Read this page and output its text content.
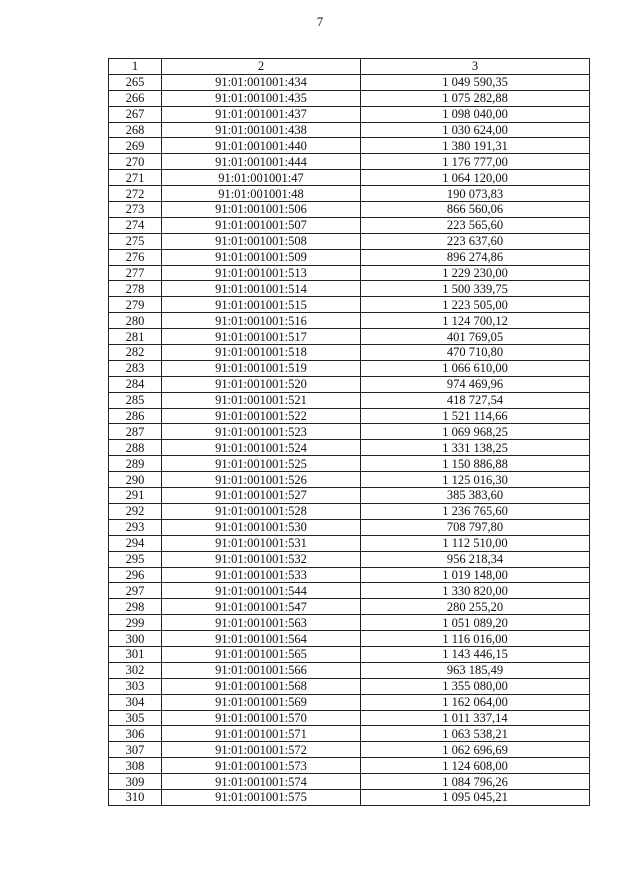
7
1	2	3
265	91:01:001001:434	1 049 590,35
266	91:01:001001:435	1 075 282,88
267	91:01:001001:437	1 098 040,00
268	91:01:001001:438	1 030 624,00
269	91:01:001001:440	1 380 191,31
270	91:01:001001:444	1 176 777,00
271	91:01:001001:47	1 064 120,00
272	91:01:001001:48	190 073,83
273	91:01:001001:506	866 560,06
274	91:01:001001:507	223 565,60
275	91:01:001001:508	223 637,60
276	91:01:001001:509	896 274,86
277	91:01:001001:513	1 229 230,00
278	91:01:001001:514	1 500 339,75
279	91:01:001001:515	1 223 505,00
280	91:01:001001:516	1 124 700,12
281	91:01:001001:517	401 769,05
282	91:01:001001:518	470 710,80
283	91:01:001001:519	1 066 610,00
284	91:01:001001:520	974 469,96
285	91:01:001001:521	418 727,54
286	91:01:001001:522	1 521 114,66
287	91:01:001001:523	1 069 968,25
288	91:01:001001:524	1 331 138,25
289	91:01:001001:525	1 150 886,88
290	91:01:001001:526	1 125 016,30
291	91:01:001001:527	385 383,60
292	91:01:001001:528	1 236 765,60
293	91:01:001001:530	708 797,80
294	91:01:001001:531	1 112 510,00
295	91:01:001001:532	956 218,34
296	91:01:001001:533	1 019 148,00
297	91:01:001001:544	1 330 820,00
298	91:01:001001:547	280 255,20
299	91:01:001001:563	1 051 089,20
300	91:01:001001:564	1 116 016,00
301	91:01:001001:565	1 143 446,15
302	91:01:001001:566	963 185,49
303	91:01:001001:568	1 355 080,00
304	91:01:001001:569	1 162 064,00
305	91:01:001001:570	1 011 337,14
306	91:01:001001:571	1 063 538,21
307	91:01:001001:572	1 062 696,69
308	91:01:001001:573	1 124 608,00
309	91:01:001001:574	1 084 796,26
310	91:01:001001:575	1 095 045,21
